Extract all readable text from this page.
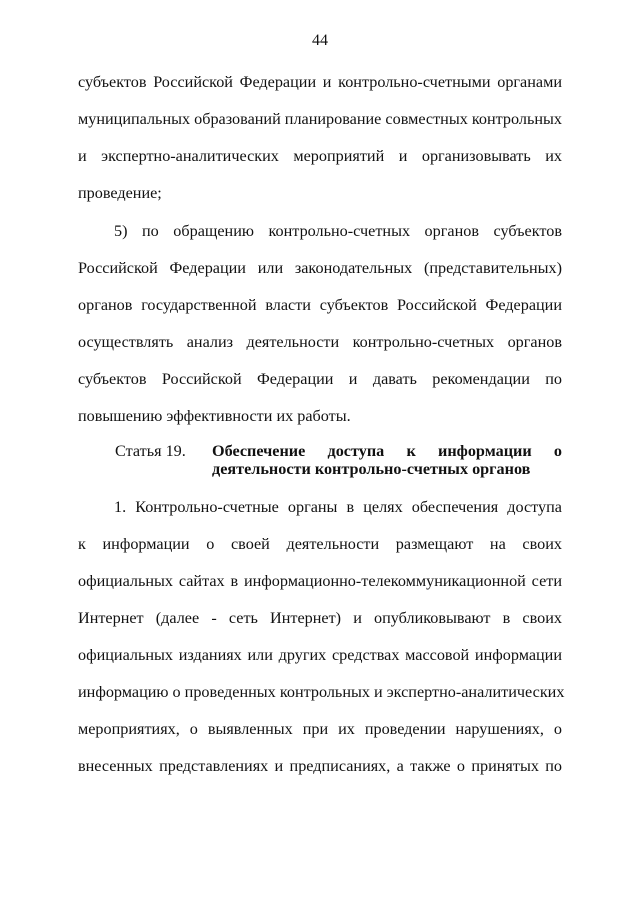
44
субъектов Российской Федерации и контрольно-счетными органами
муниципальных образований планирование совместных контрольных
и экспертно-аналитических мероприятий и организовывать их
проведение;
5) по обращению контрольно-счетных органов субъектов
Российской Федерации или законодательных (представительных)
органов государственной власти субъектов Российской Федерации
осуществлять анализ деятельности контрольно-счетных органов
субъектов Российской Федерации и давать рекомендации по
повышению эффективности их работы.
Статья 19.	Обеспечение доступа к информации о
деятельности контрольно-счетных органов
1. Контрольно-счетные органы в целях обеспечения доступа
к информации о своей деятельности размещают на своих
официальных сайтах в информационно-телекоммуникационной сети
Интернет (далее - сеть Интернет) и опубликовывают в своих
официальных изданиях или других средствах массовой информации
информацию о проведенных контрольных и экспертно-аналитических
мероприятиях, о выявленных при их проведении нарушениях, о
внесенных представлениях и предписаниях, а также о принятых по
